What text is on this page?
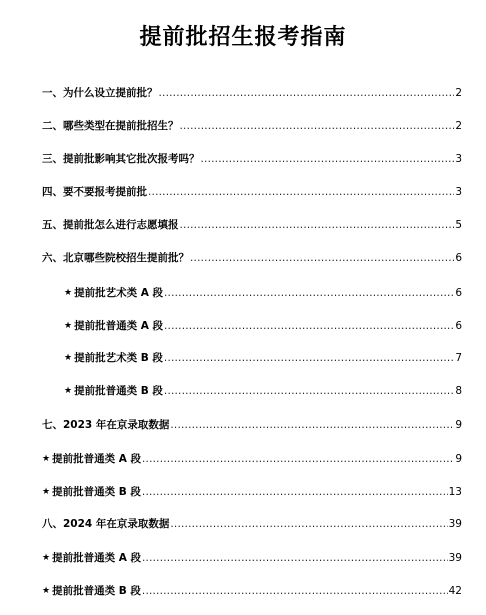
提前批招生报考指南
一、为什么设立提前批？ .....	2
二、哪些类型在提前批招生？ .....	2
三、提前批影响其它批次报考吗？ .....	3
四、要不要报考提前批 .....	3
五、提前批怎么进行志愿填报 .....	5
六、北京哪些院校招生提前批？ .....	6
★ 提前批艺术类 A 段 .....	6
★ 提前批普通类 A 段 .....	6
★ 提前批艺术类 B 段 .....	7
★ 提前批普通类 B 段 .....	8
七、2023 年在京录取数据 .....	9
★ 提前批普通类 A 段 .....	9
★ 提前批普通类 B 段 .....	13
八、2024 年在京录取数据 .....	39
★ 提前批普通类 A 段 .....	39
★ 提前批普通类 B 段 .....	42
